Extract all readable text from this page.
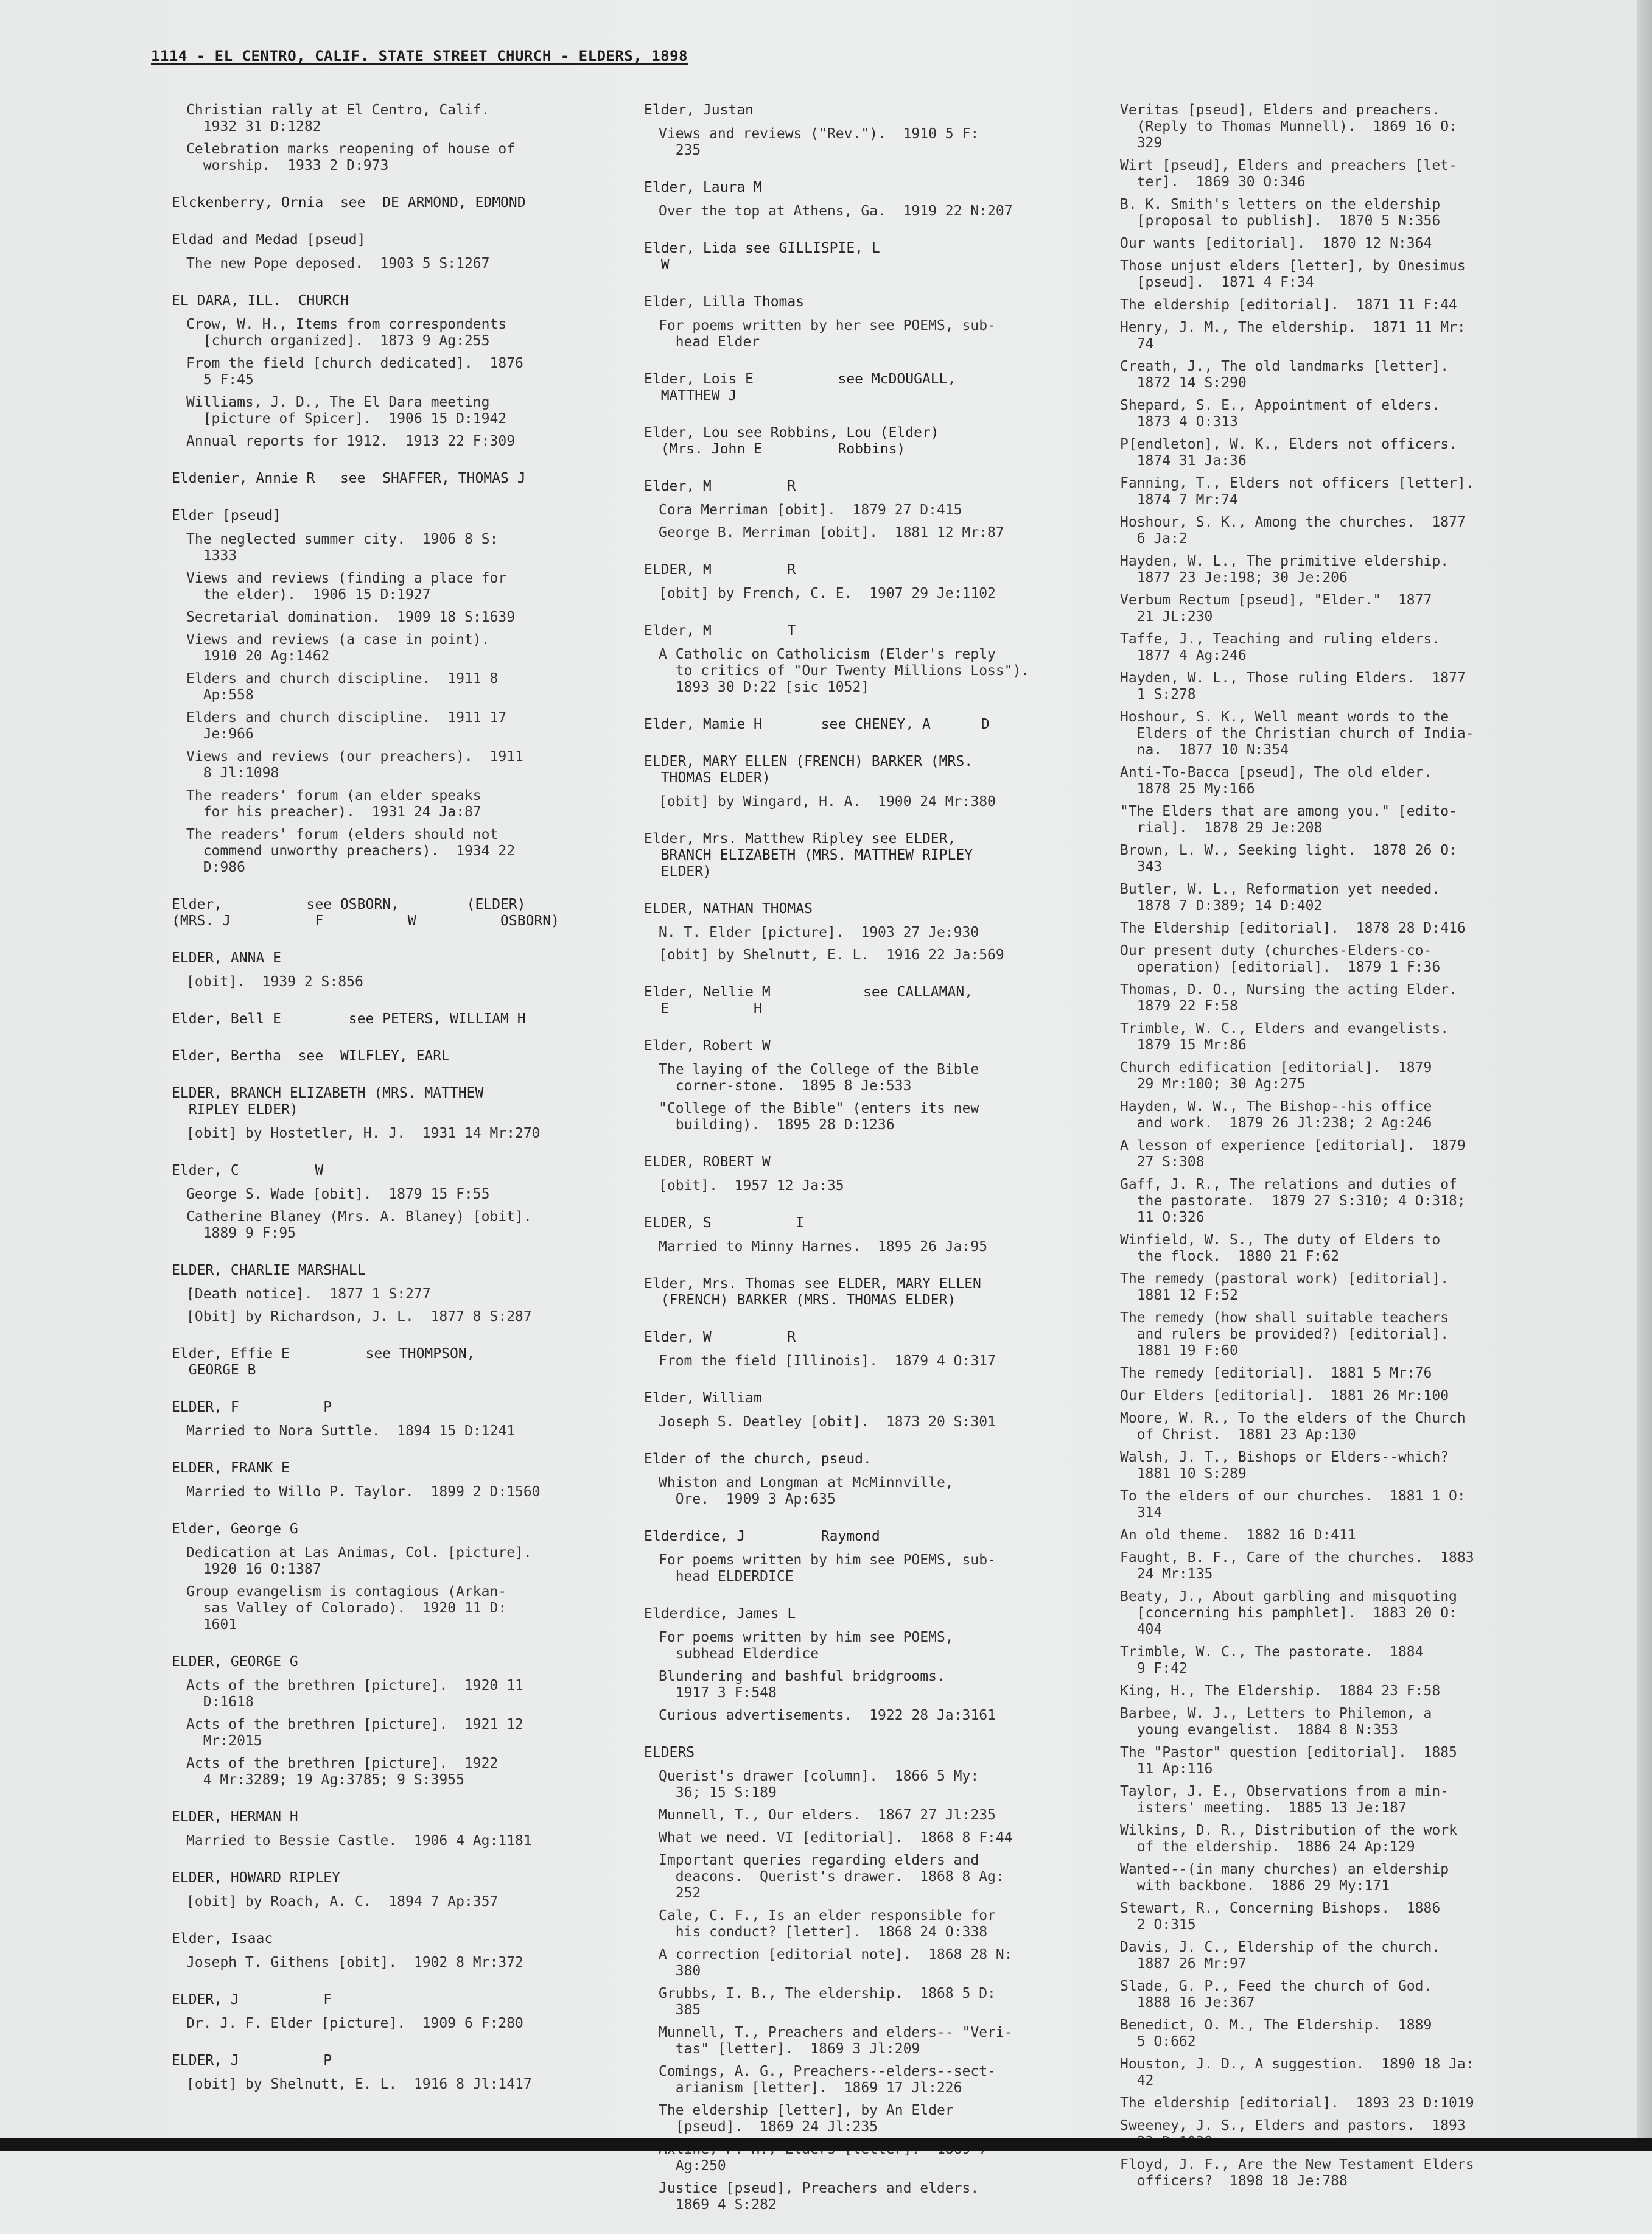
1114 - EL CENTRO, CALIF. STATE STREET CHURCH - ELDERS, 1898
Christian rally at El Centro, Calif.
1932 31 D:1282
Celebration marks reopening of house of
worship.  1933 2 D:973
Elckenberry, Ornia  see  DE ARMOND, EDMOND
Eldad and Medad [pseud]
The new Pope deposed.  1903 5 S:1267
EL DARA, ILL.  CHURCH
Crow, W. H., Items from correspondents
[church organized].  1873 9 Ag:255
From the field [church dedicated].  1876
5 F:45
Williams, J. D., The El Dara meeting
[picture of Spicer].  1906 15 D:1942
Annual reports for 1912.  1913 22 F:309
Eldenier, Annie R   see  SHAFFER, THOMAS J
Elder [pseud]
The neglected summer city.  1906 8 S:
1333
Views and reviews (finding a place for
the elder).  1906 15 D:1927
Secretarial domination.  1909 18 S:1639
Views and reviews (a case in point).
1910 20 Ag:1462
Elders and church discipline.  1911 8
Ap:558
Elders and church discipline.  1911 17
Je:966
Views and reviews (our preachers).  1911
8 Jl:1098
The readers' forum (an elder speaks
for his preacher).  1931 24 Ja:87
The readers' forum (elders should not
commend unworthy preachers).  1934 22
D:986
Elder,          see OSBORN,        (ELDER)
(MRS. J          F          W          OSBORN)
ELDER, ANNA E
[obit].  1939 2 S:856
Elder, Bell E        see PETERS, WILLIAM H
Elder, Bertha  see  WILFLEY, EARL
ELDER, BRANCH ELIZABETH (MRS. MATTHEW
RIPLEY ELDER)
[obit] by Hostetler, H. J.  1931 14 Mr:270
Elder, C         W
George S. Wade [obit].  1879 15 F:55
Catherine Blaney (Mrs. A. Blaney) [obit].
1889 9 F:95
ELDER, CHARLIE MARSHALL
[Death notice].  1877 1 S:277
[Obit] by Richardson, J. L.  1877 8 S:287
Elder, Effie E         see THOMPSON,
GEORGE B
ELDER, F          P
Married to Nora Suttle.  1894 15 D:1241
ELDER, FRANK E
Married to Willo P. Taylor.  1899 2 D:1560
Elder, George G
Dedication at Las Animas, Col. [picture].
1920 16 O:1387
Group evangelism is contagious (Arkan-
sas Valley of Colorado).  1920 11 D:
1601
ELDER, GEORGE G
Acts of the brethren [picture].  1920 11
D:1618
Acts of the brethren [picture].  1921 12
Mr:2015
Acts of the brethren [picture].  1922
4 Mr:3289; 19 Ag:3785; 9 S:3955
ELDER, HERMAN H
Married to Bessie Castle.  1906 4 Ag:1181
ELDER, HOWARD RIPLEY
[obit] by Roach, A. C.  1894 7 Ap:357
Elder, Isaac
Joseph T. Githens [obit].  1902 8 Mr:372
ELDER, J          F
Dr. J. F. Elder [picture].  1909 6 F:280
ELDER, J          P
[obit] by Shelnutt, E. L.  1916 8 Jl:1417
Elder, Justan
Views and reviews ("Rev.").  1910 5 F:
235
Elder, Laura M
Over the top at Athens, Ga.  1919 22 N:207
Elder, Lida see GILLISPIE, L
W
Elder, Lilla Thomas
For poems written by her see POEMS, sub-
head Elder
Elder, Lois E          see McDOUGALL,
MATTHEW J
Elder, Lou see Robbins, Lou (Elder)
(Mrs. John E         Robbins)
Elder, M         R
Cora Merriman [obit].  1879 27 D:415
George B. Merriman [obit].  1881 12 Mr:87
ELDER, M         R
[obit] by French, C. E.  1907 29 Je:1102
Elder, M         T
A Catholic on Catholicism (Elder's reply
to critics of "Our Twenty Millions Loss").
1893 30 D:22 [sic 1052]
Elder, Mamie H       see CHENEY, A      D
ELDER, MARY ELLEN (FRENCH) BARKER (MRS.
THOMAS ELDER)
[obit] by Wingard, H. A.  1900 24 Mr:380
Elder, Mrs. Matthew Ripley see ELDER,
BRANCH ELIZABETH (MRS. MATTHEW RIPLEY
ELDER)
ELDER, NATHAN THOMAS
N. T. Elder [picture].  1903 27 Je:930
[obit] by Shelnutt, E. L.  1916 22 Ja:569
Elder, Nellie M           see CALLAMAN,
E          H
Elder, Robert W
The laying of the College of the Bible
corner-stone.  1895 8 Je:533
"College of the Bible" (enters its new
building).  1895 28 D:1236
ELDER, ROBERT W
[obit].  1957 12 Ja:35
ELDER, S          I
Married to Minny Harnes.  1895 26 Ja:95
Elder, Mrs. Thomas see ELDER, MARY ELLEN
(FRENCH) BARKER (MRS. THOMAS ELDER)
Elder, W         R
From the field [Illinois].  1879 4 O:317
Elder, William
Joseph S. Deatley [obit].  1873 20 S:301
Elder of the church, pseud.
Whiston and Longman at McMinnville,
Ore.  1909 3 Ap:635
Elderdice, J         Raymond
For poems written by him see POEMS, sub-
head ELDERDICE
Elderdice, James L
For poems written by him see POEMS,
subhead Elderdice
Blundering and bashful bridgrooms.
1917 3 F:548
Curious advertisements.  1922 28 Ja:3161
ELDERS
Querist's drawer [column].  1866 5 My:
36; 15 S:189
Munnell, T., Our elders.  1867 27 Jl:235
What we need. VI [editorial].  1868 8 F:44
Important queries regarding elders and
deacons.  Querist's drawer.  1868 8 Ag:
252
Cale, C. F., Is an elder responsible for
his conduct? [letter].  1868 24 O:338
A correction [editorial note].  1868 28 N:
380
Grubbs, I. B., The eldership.  1868 5 D:
385
Munnell, T., Preachers and elders-- "Veri-
tas" [letter].  1869 3 Jl:209
Comings, A. G., Preachers--elders--sect-
arianism [letter].  1869 17 Jl:226
The eldership [letter], by An Elder
[pseud].  1869 24 Jl:235

Ag:250
Justice [pseud], Preachers and elders.
1869 4 S:282
Veritas [pseud], Elders and preachers.
(Reply to Thomas Munnell).  1869 16 O:
329
Wirt [pseud], Elders and preachers [let-
ter].  1869 30 O:346
B. K. Smith's letters on the eldership
[proposal to publish].  1870 5 N:356
Our wants [editorial].  1870 12 N:364
Those unjust elders [letter], by Onesimus
[pseud].  1871 4 F:34
The eldership [editorial].  1871 11 F:44
Henry, J. M., The eldership.  1871 11 Mr:
74
Creath, J., The old landmarks [letter].
1872 14 S:290
Shepard, S. E., Appointment of elders.
1873 4 O:313
P[endleton], W. K., Elders not officers.
1874 31 Ja:36
Fanning, T., Elders not officers [letter].
1874 7 Mr:74
Hoshour, S. K., Among the churches.  1877
6 Ja:2
Hayden, W. L., The primitive eldership.
1877 23 Je:198; 30 Je:206
Verbum Rectum [pseud], "Elder."  1877
21 JL:230
Taffe, J., Teaching and ruling elders.
1877 4 Ag:246
Hayden, W. L., Those ruling Elders.  1877
1 S:278
Hoshour, S. K., Well meant words to the
Elders of the Christian church of India-
na.  1877 10 N:354
Anti-To-Bacca [pseud], The old elder.
1878 25 My:166
"The Elders that are among you." [edito-
rial].  1878 29 Je:208
Brown, L. W., Seeking light.  1878 26 O:
343
Butler, W. L., Reformation yet needed.
1878 7 D:389; 14 D:402
The Eldership [editorial].  1878 28 D:416
Our present duty (churches-Elders-co-
operation) [editorial].  1879 1 F:36
Thomas, D. O., Nursing the acting Elder.
1879 22 F:58
Trimble, W. C., Elders and evangelists.
1879 15 Mr:86
Church edification [editorial].  1879
29 Mr:100; 30 Ag:275
Hayden, W. W., The Bishop--his office
and work.  1879 26 Jl:238; 2 Ag:246
A lesson of experience [editorial].  1879
27 S:308
Gaff, J. R., The relations and duties of
the pastorate.  1879 27 S:310; 4 O:318;
11 O:326
Winfield, W. S., The duty of Elders to
the flock.  1880 21 F:62
The remedy (pastoral work) [editorial].
1881 12 F:52
The remedy (how shall suitable teachers
and rulers be provided?) [editorial].
1881 19 F:60
The remedy [editorial].  1881 5 Mr:76
Our Elders [editorial].  1881 26 Mr:100
Moore, W. R., To the elders of the Church
of Christ.  1881 23 Ap:130
Walsh, J. T., Bishops or Elders--which?
1881 10 S:289
To the elders of our churches.  1881 1 O:
314
An old theme.  1882 16 D:411
Faught, B. F., Care of the churches.  1883
24 Mr:135
Beaty, J., About garbling and misquoting
[concerning his pamphlet].  1883 20 O:
404
Trimble, W. C., The pastorate.  1884
9 F:42
King, H., The Eldership.  1884 23 F:58
Barbee, W. J., Letters to Philemon, a
young evangelist.  1884 8 N:353
The "Pastor" question [editorial].  1885
11 Ap:116
Taylor, J. E., Observations from a min-
isters' meeting.  1885 13 Je:187
Wilkins, D. R., Distribution of the work
of the eldership.  1886 24 Ap:129
Wanted--(in many churches) an eldership
with backbone.  1886 29 My:171
Stewart, R., Concerning Bishops.  1886
2 O:315
Davis, J. C., Eldership of the church.
1887 26 Mr:97
Slade, G. P., Feed the church of God.
1888 16 Je:367
Benedict, O. M., The Eldership.  1889
5 O:662
Houston, J. D., A suggestion.  1890 18 Ja:
42
The eldership [editorial].  1893 23 D:1019
Sweeney, J. S., Elders and pastors.  1893

Floyd, J. F., Are the New Testament Elders
officers?  1898 18 Je:788
